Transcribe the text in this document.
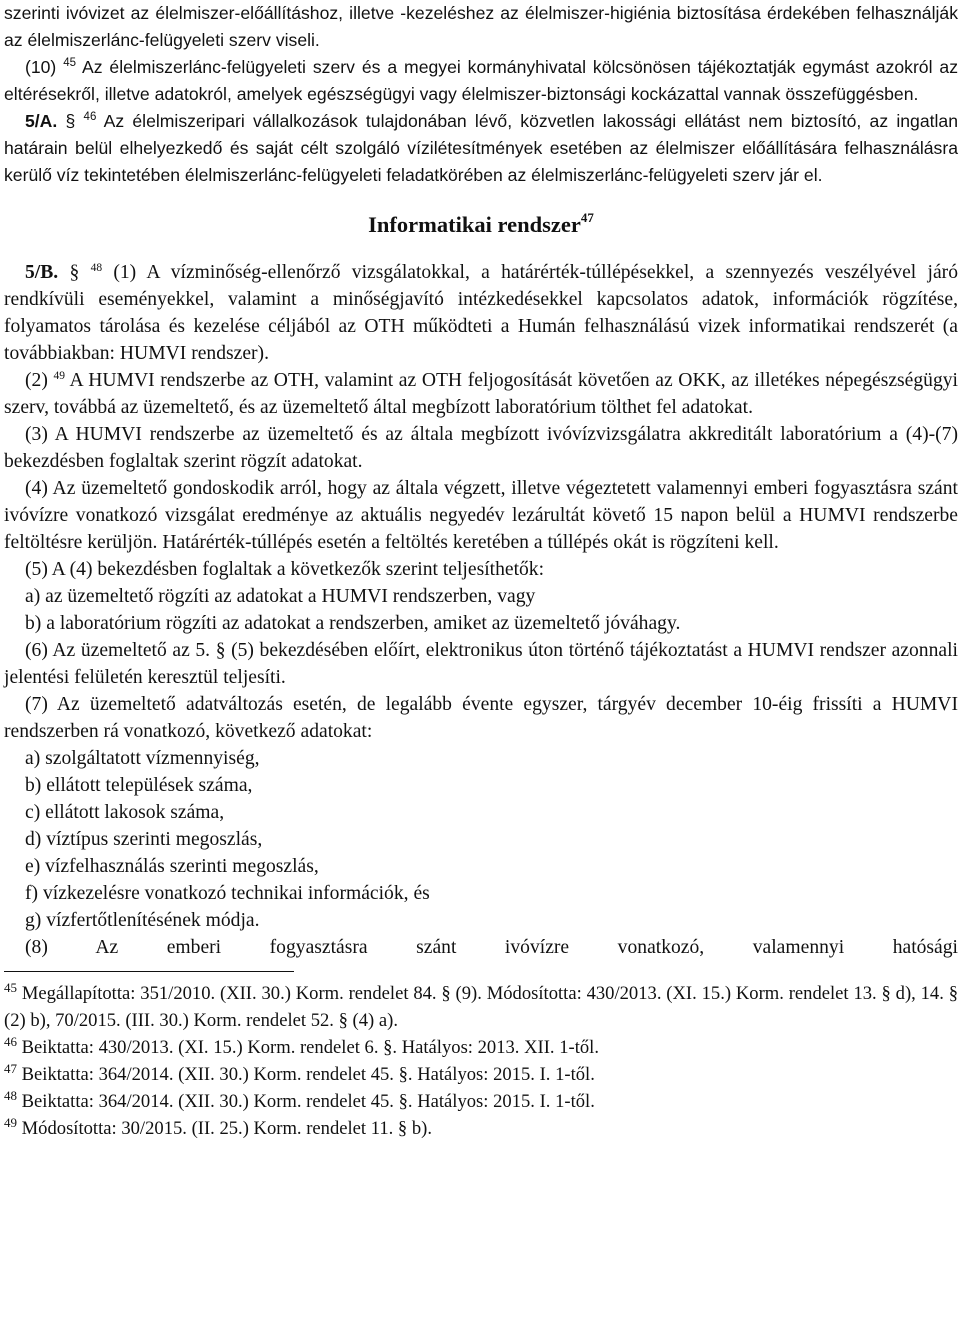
szerinti ivóvizet az élelmiszer-előállításhoz, illetve -kezeléshez az élelmiszer-higiénia biztosítása érdekében felhasználják az élelmiszerlánc-felügyeleti szerv viseli.

(10) $^{45}$ Az élelmiszerlánc-felügyeleti szerv és a megyei kormányhivatal kölcsönösen tájékoztatják egymást azokról az eltérésekről, illetve adatokról, amelyek egészségügyi vagy élelmiszer-biztonsági kockázattal vannak összefüggésben.

5/A. § $^{46}$ Az élelmiszeripari vállalkozások tulajdonában lévő, közvetlen lakossági ellátást nem biztosító, az ingatlan határain belül elhelyezkedő és saját célt szolgáló vízilétesítmények esetében az élelmiszer előállítására felhasználásra kerülő víz tekintetében élelmiszerlánc-felügyeleti feladatkörében az élelmiszerlánc-felügyeleti szerv jár el.

Informatikai rendszer$^{47}$

5/B. § $^{48}$ (1) A vízminőség-ellenőrző vizsgálatokkal, a határérték-túllépésekkel, a szennyezés veszélyével járó rendkívüli eseményekkel, valamint a minőségjavító intézkedésekkel kapcsolatos adatok, információk rögzítése, folyamatos tárolása és kezelése céljából az OTH működteti a Humán felhasználású vizek informatikai rendszerét (a továbbiakban: HUMVI rendszer).

(2) $^{49}$ A HUMVI rendszerbe az OTH, valamint az OTH feljogosítását követően az OKK, az illetékes népegészségügyi szerv, továbbá az üzemeltető, és az üzemeltető által megbízott laboratórium tölthet fel adatokat.

(3) A HUMVI rendszerbe az üzemeltető és az általa megbízott ivóvízvizsgálatra akkreditált laboratórium a (4)-(7) bekezdésben foglaltak szerint rögzít adatokat.

(4) Az üzemeltető gondoskodik arról, hogy az általa végzett, illetve végeztetett valamennyi emberi fogyasztásra szánt ivóvízre vonatkozó vizsgálat eredménye az aktuális negyedév lezárultát követő 15 napon belül a HUMVI rendszerbe feltöltésre kerüljön. Határérték-túllépés esetén a feltöltés keretében a túllépés okát is rögzíteni kell.

(5) A (4) bekezdésben foglaltak a következők szerint teljesíthetők:

a) az üzemeltető rögzíti az adatokat a HUMVI rendszerben, vagy

b) a laboratórium rögzíti az adatokat a rendszerben, amiket az üzemeltető jóváhagy.

(6) Az üzemeltető az 5. § (5) bekezdésében előírt, elektronikus úton történő tájékoztatást a HUMVI rendszer azonnali jelentési felületén keresztül teljesíti.

(7) Az üzemeltető adatváltozás esetén, de legalább évente egyszer, tárgyév december 10-éig frissíti a HUMVI rendszerben rá vonatkozó, következő adatokat:

a) szolgáltatott vízmennyiség,

b) ellátott települések száma,

c) ellátott lakosok száma,

d) víztípus szerinti megoszlás,

e) vízfelhasználás szerinti megoszlás,

f) vízkezelésre vonatkozó technikai információk, és

g) vízfertőtlenítésének módja.

(8) Az emberi fogyasztásra szánt ivóvízre vonatkozó, valamennyi hatósági

$^{45}$ Megállapította: 351/2010. (XII. 30.) Korm. rendelet 84. § (9). Módosította: 430/2013. (XI. 15.) Korm. rendelet 13. § d), 14. § (2) b), 70/2015. (III. 30.) Korm. rendelet 52. § (4) a).

$^{46}$ Beiktatta: 430/2013. (XI. 15.) Korm. rendelet 6. §. Hatályos: 2013. XII. 1-től.

$^{47}$ Beiktatta: 364/2014. (XII. 30.) Korm. rendelet 45. §. Hatályos: 2015. I. 1-től.

$^{48}$ Beiktatta: 364/2014. (XII. 30.) Korm. rendelet 45. §. Hatályos: 2015. I. 1-től.

$^{49}$ Módosította: 30/2015. (II. 25.) Korm. rendelet 11. § b).
